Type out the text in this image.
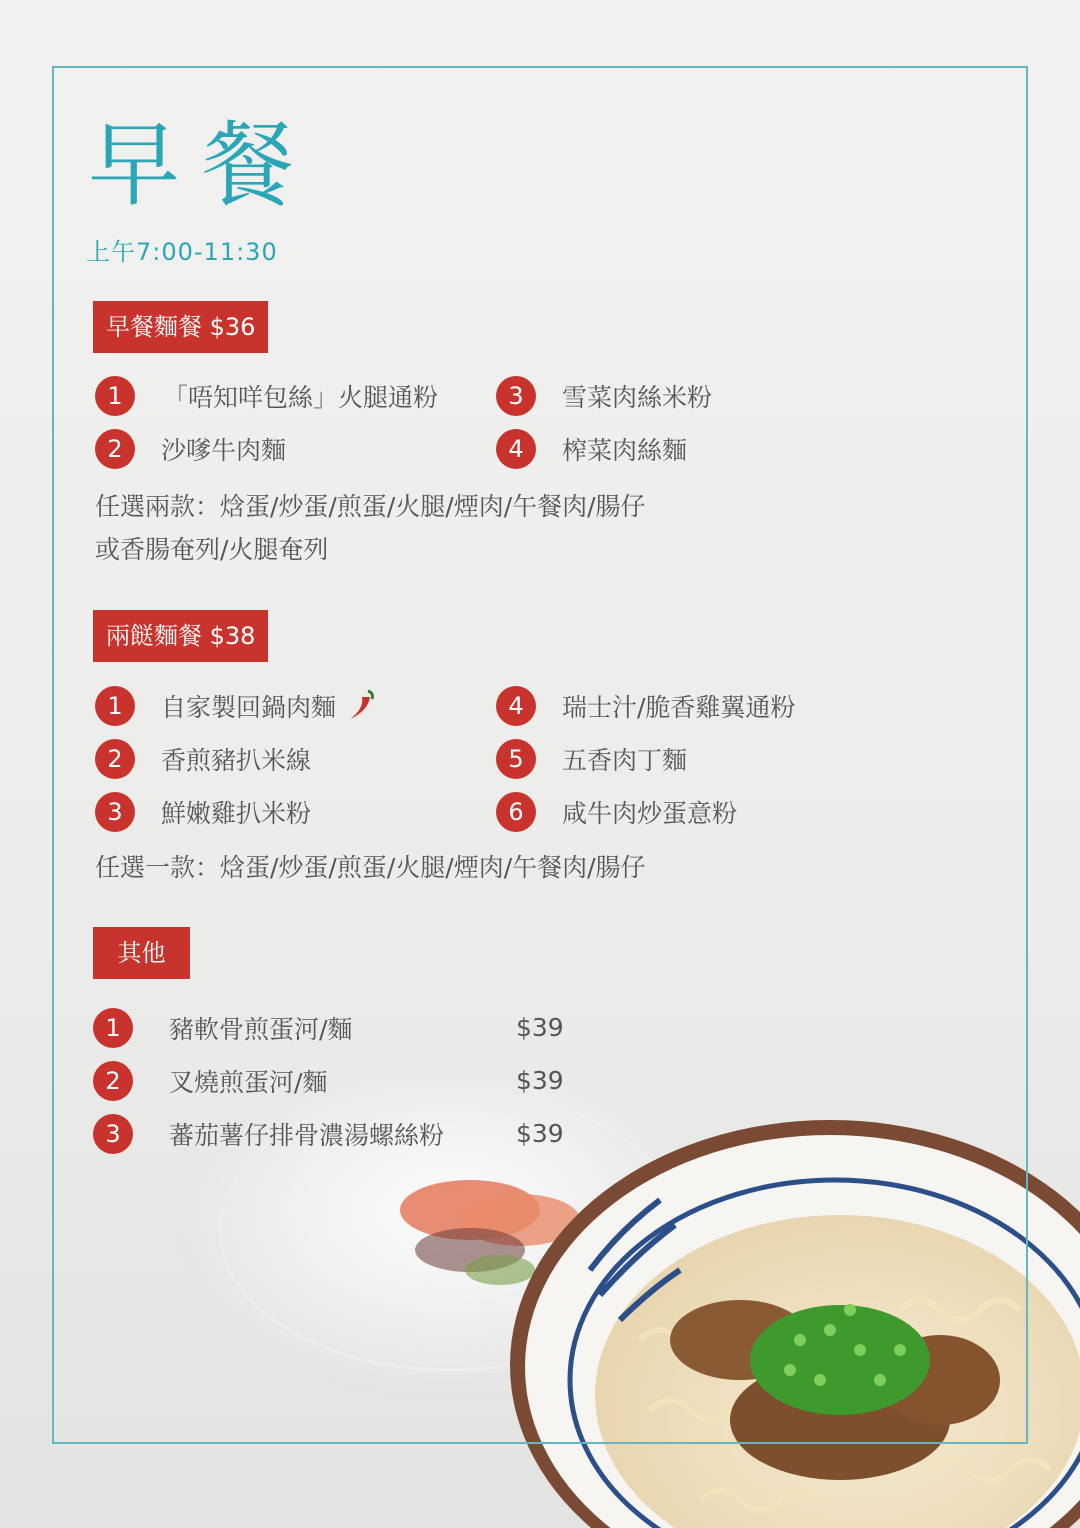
早餐
上午7:00-11:30
早餐麵餐 $36
1	「唔知咩包絲」火腿通粉
2	沙嗲牛肉麵
3	雪菜肉絲米粉
4	榨菜肉絲麵
任選兩款：焓蛋/炒蛋/煎蛋/火腿/煙肉/午餐肉/腸仔
或香腸奄列/火腿奄列
兩餸麵餐 $38
1	自家製回鍋肉麵
2	香煎豬扒米線
3	鮮嫩雞扒米粉
4	瑞士汁/脆香雞翼通粉
5	五香肉丁麵
6	咸牛肉炒蛋意粉
任選一款：焓蛋/炒蛋/煎蛋/火腿/煙肉/午餐肉/腸仔
其他
1	豬軟骨煎蛋河/麵	$39
2	叉燒煎蛋河/麵	$39
3	蕃茄薯仔排骨濃湯螺絲粉	$39
